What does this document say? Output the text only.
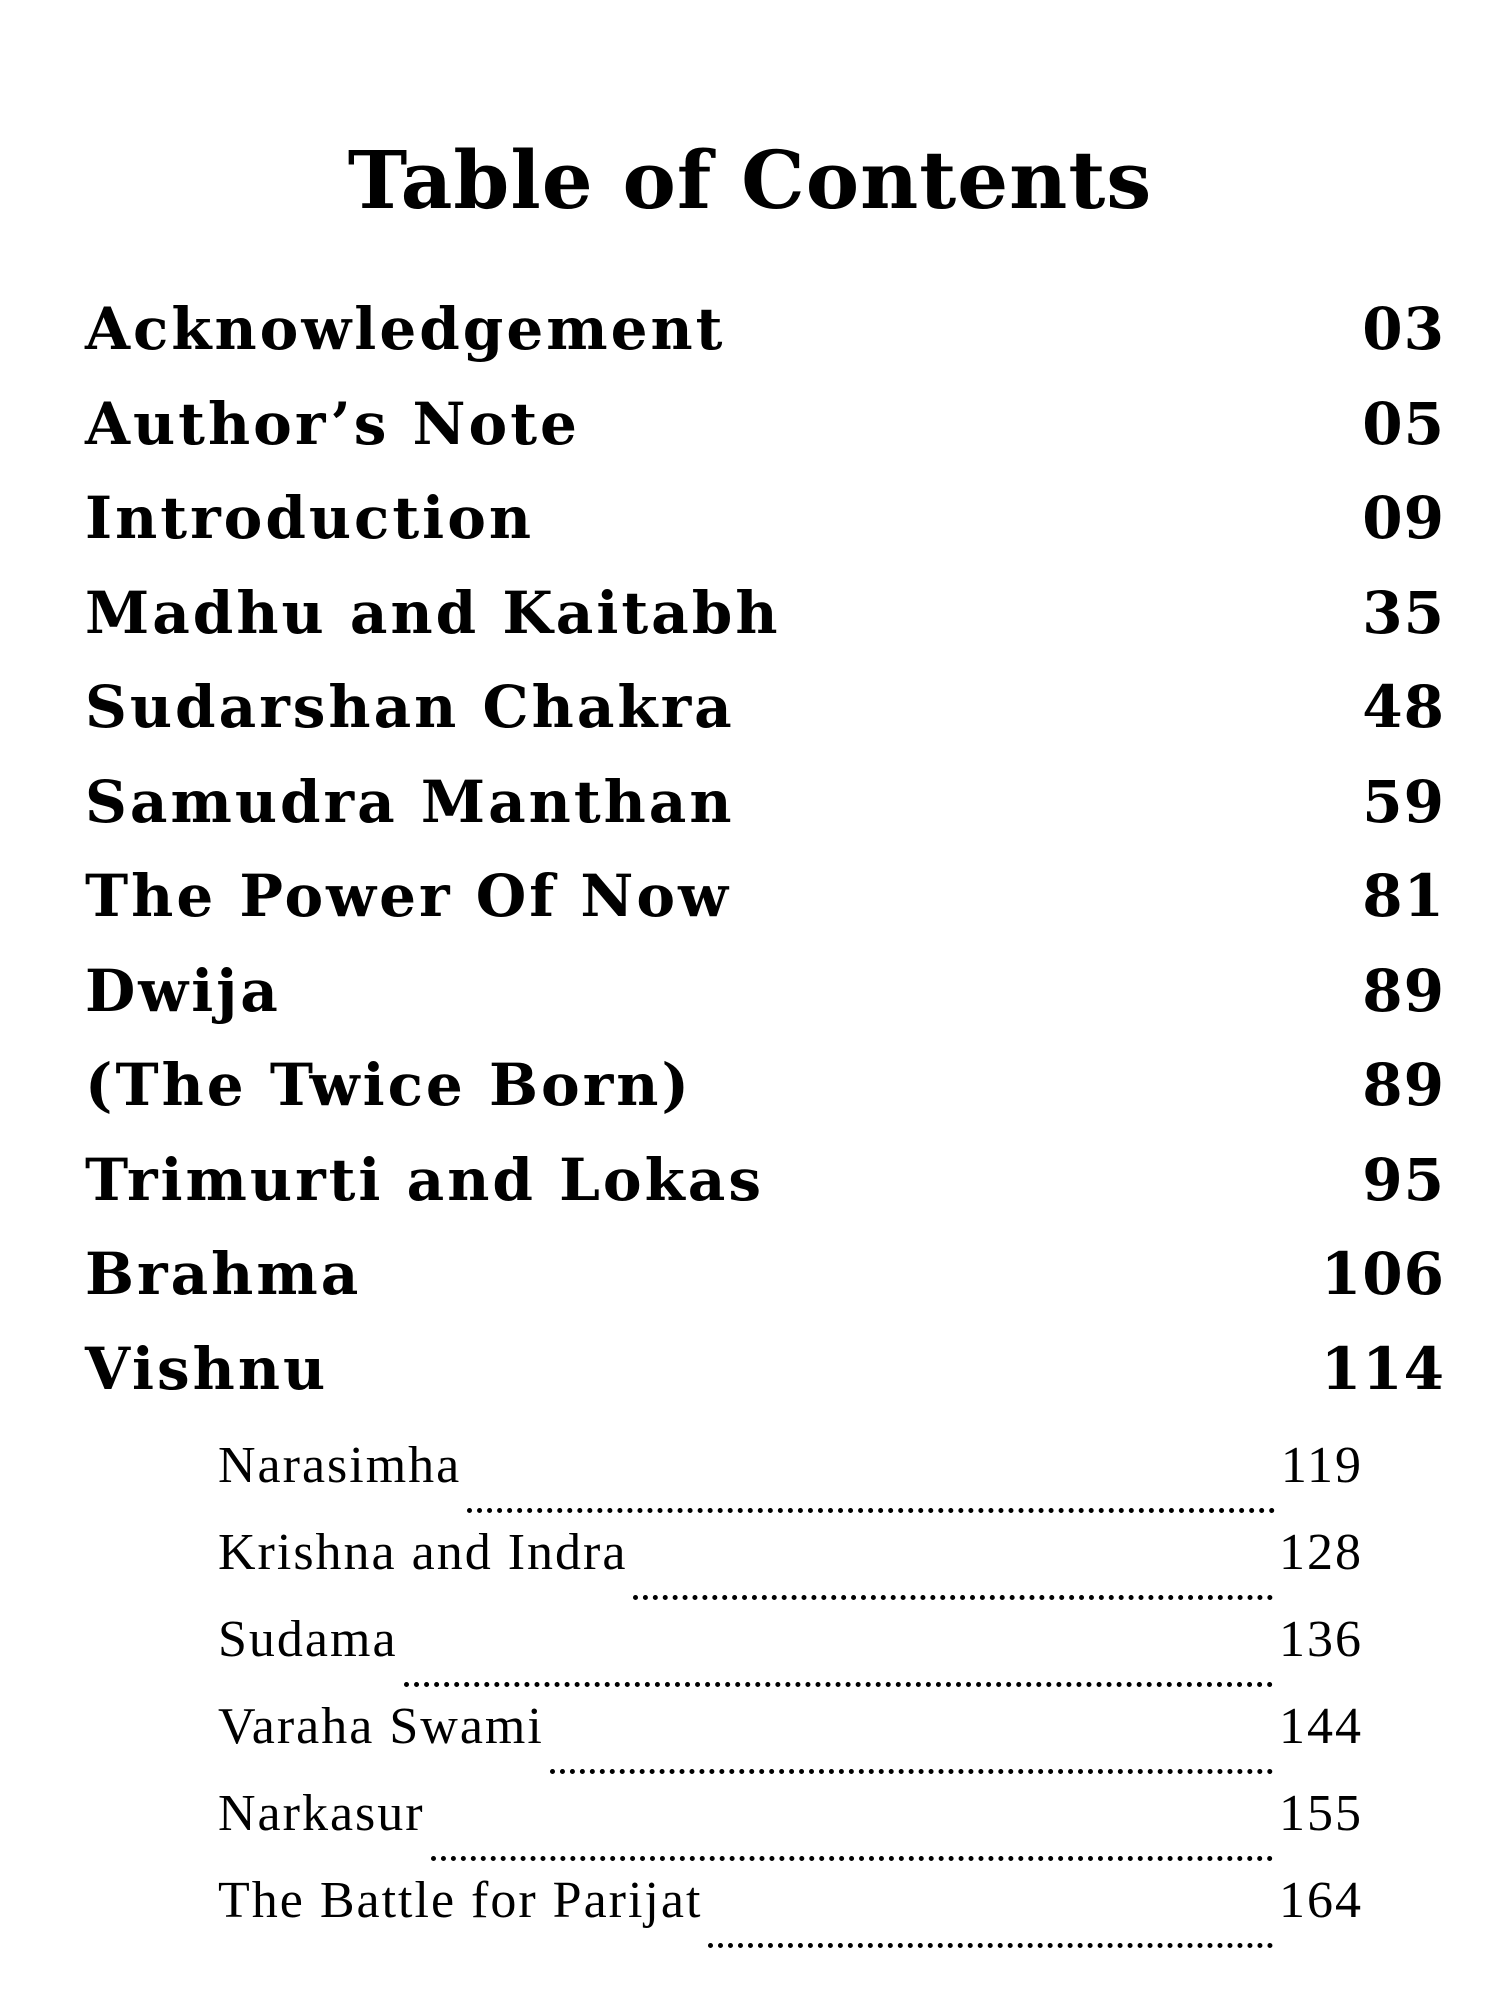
Table of Contents
Acknowledgement	03
Author’s Note	05
Introduction	09
Madhu and Kaitabh	35
Sudarshan Chakra	48
Samudra Manthan	59
The Power Of Now	81
Dwija	89
(The Twice Born)	89
Trimurti and Lokas	95
Brahma	106
Vishnu	114
Narasimha	119
Krishna and Indra	128
Sudama	136
Varaha Swami	144
Narkasur	155
The Battle for Parijat	164
